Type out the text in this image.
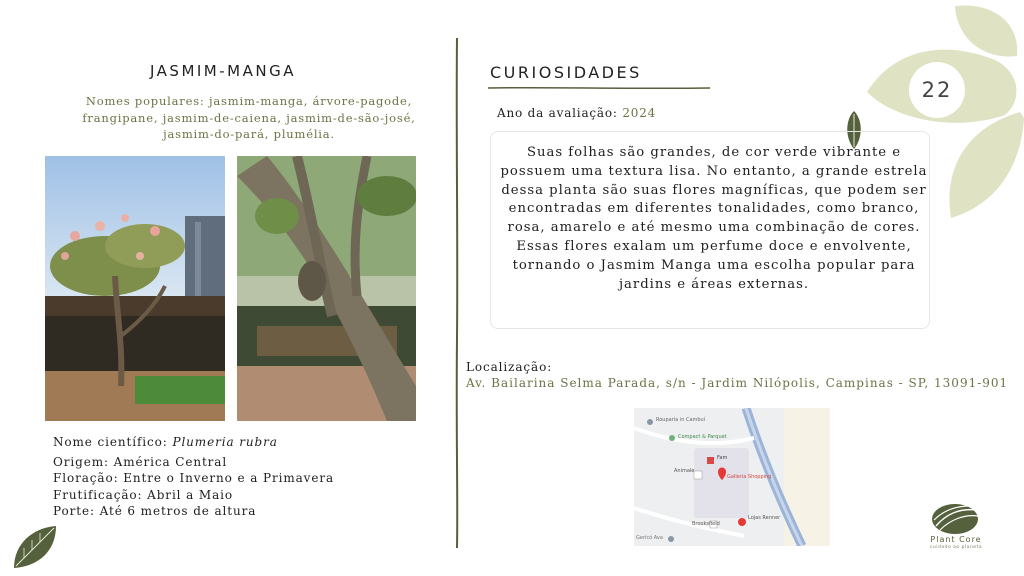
22
JASMIM-MANGA
Nomes populares: jasmim-manga, árvore-pagode, frangipane, jasmim-de-caiena, jasmim-de-são-josé, jasmim-do-pará, plumélia.
Nome científico: Plumeria rubra
Origem: América Central
Floração: Entre o Inverno e a Primavera
Frutificação: Abril a Maio
Porte: Até 6 metros de altura
CURIOSIDADES
Ano da avaliação: 2024
Suas folhas são grandes, de cor verde vibrante e possuem uma textura lisa. No entanto, a grande estrela dessa planta são suas flores magníficas, que podem ser encontradas em diferentes tonalidades, como branco, rosa, amarelo e até mesmo uma combinação de cores. Essas flores exalam um perfume doce e envolvente, tornando o Jasmim Manga uma escolha popular para jardins e áreas externas.
Localização:
Av. Bailarina Selma Parada, s/n - Jardim Nilópolis, Campinas - SP, 13091-901
Rouparia in Cambuí
Compact & Parquet
Fam
Galleria Shopping
Animale
Lojas Renner
Brooksfield
Gericó Ava	Plant Core
cuidado ao planeta
